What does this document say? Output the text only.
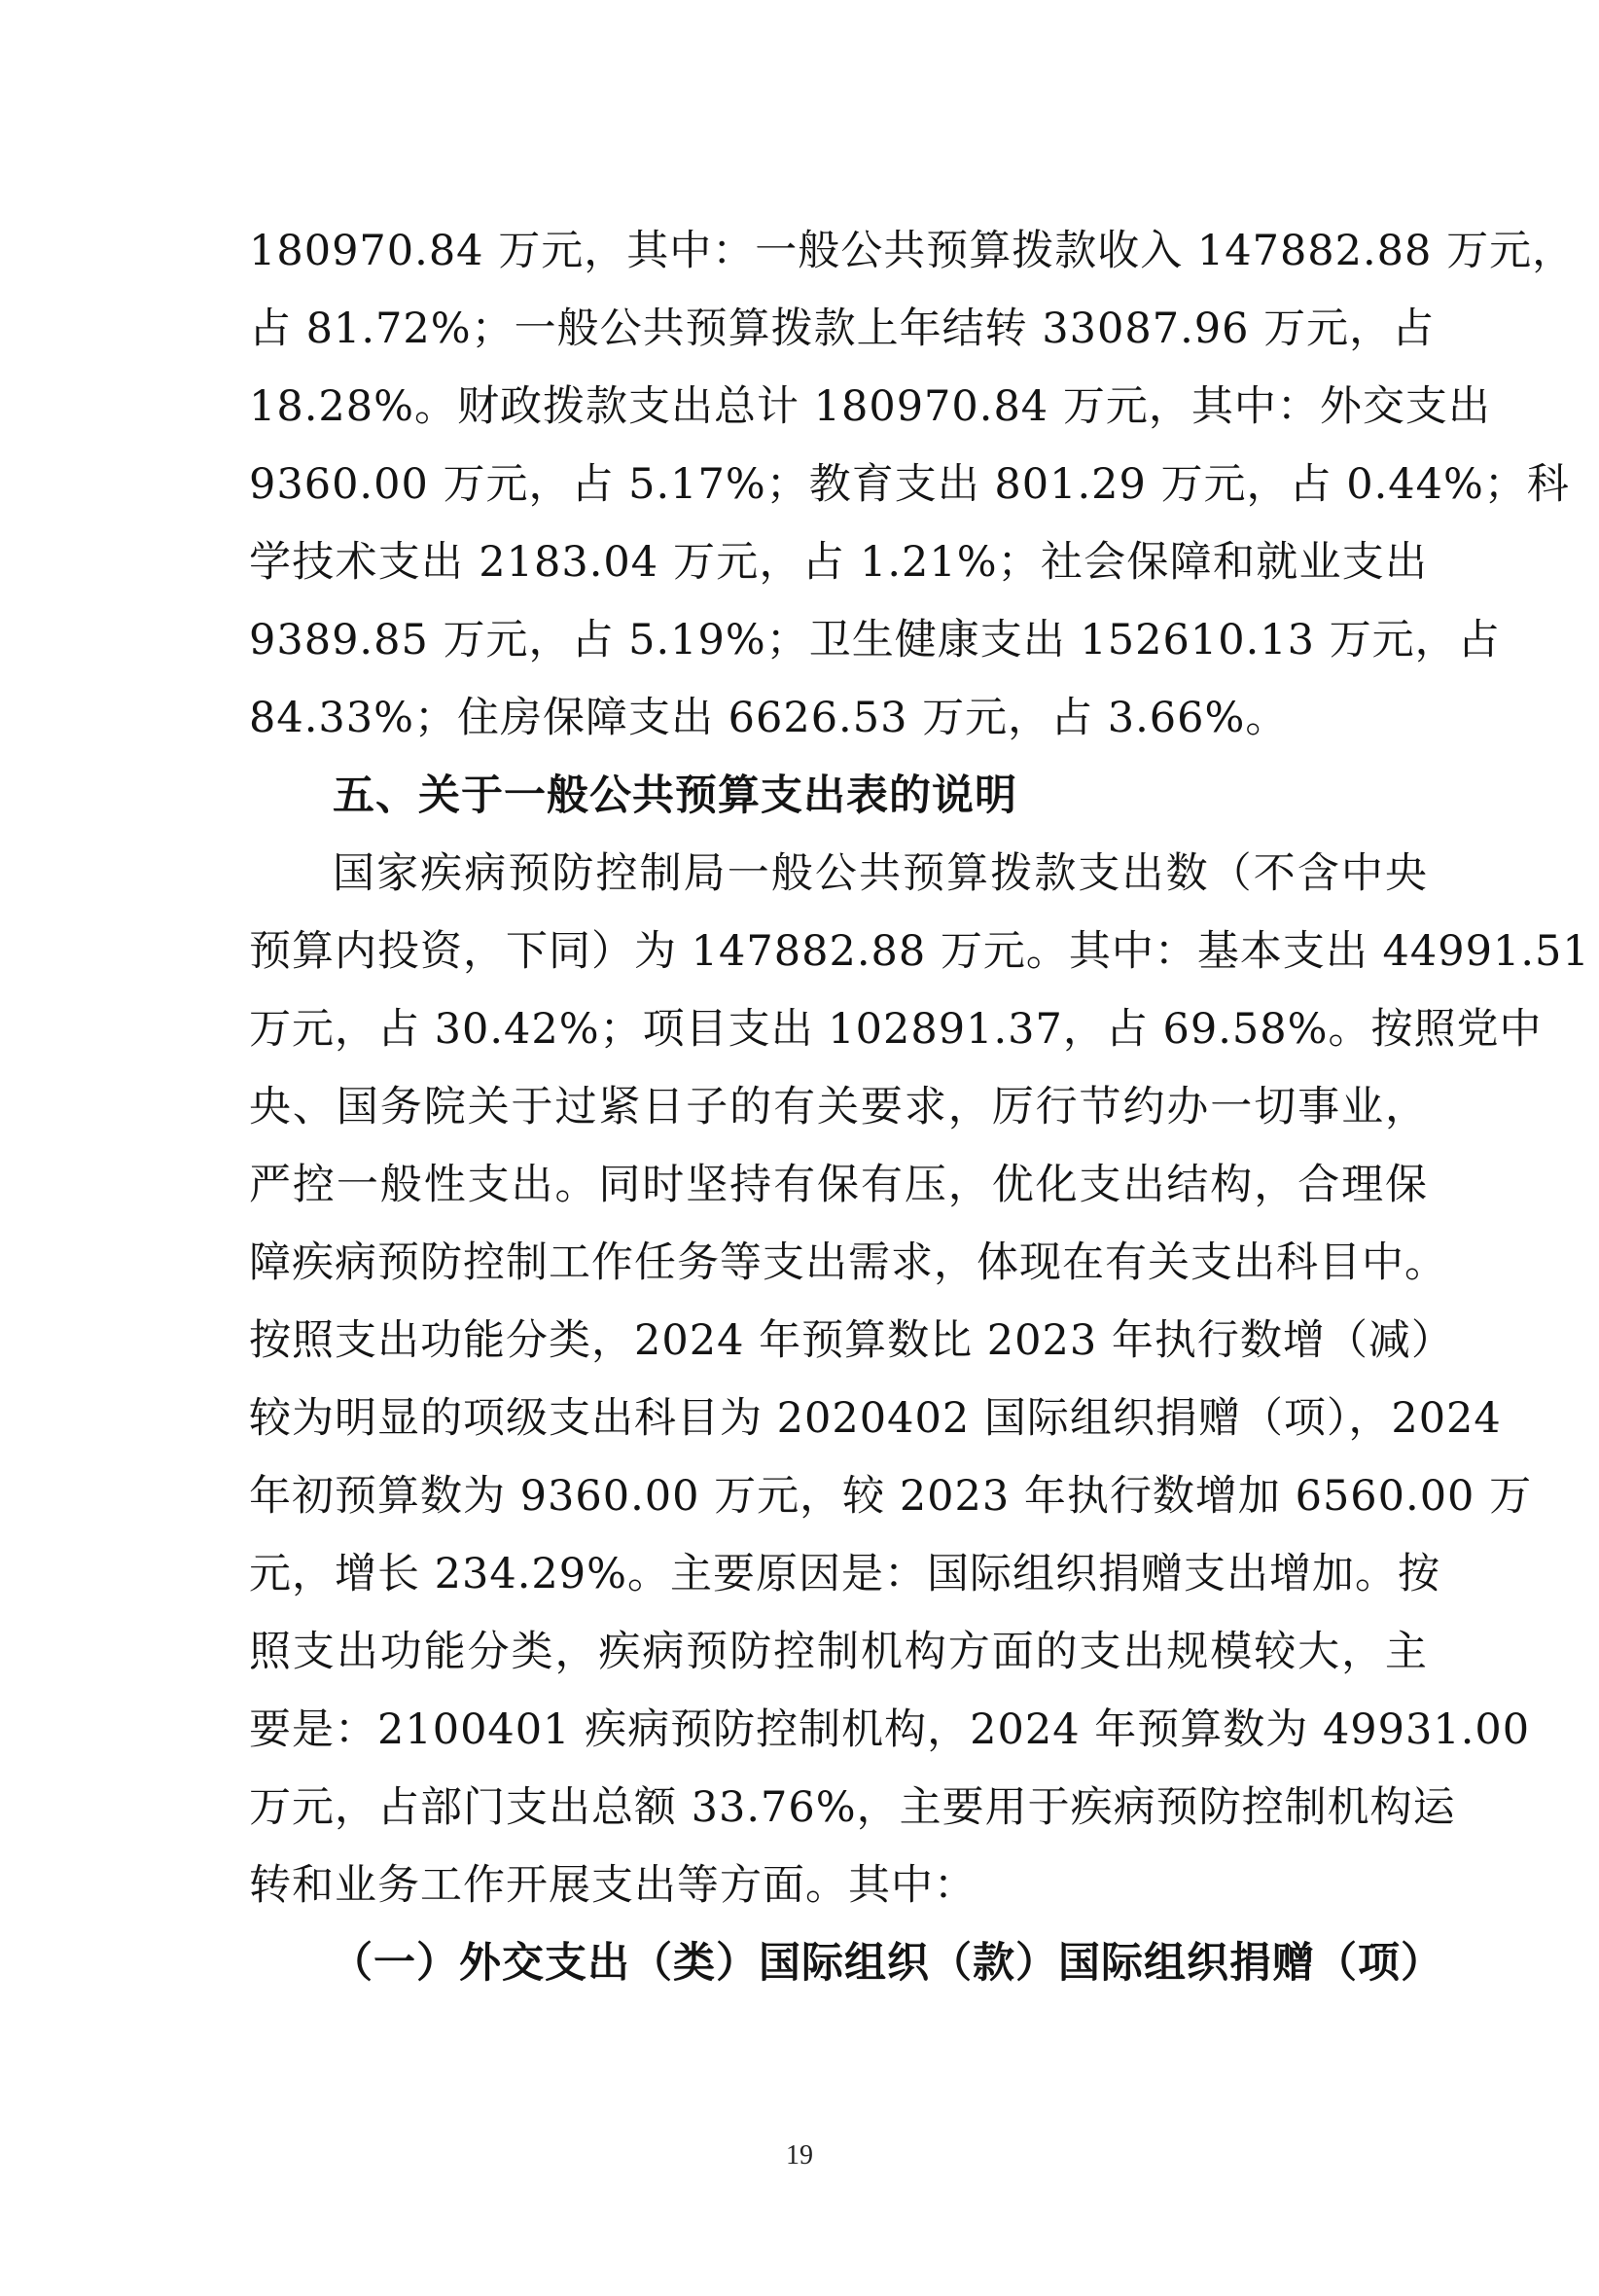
180970.84 万元，其中：一般公共预算拨款收入 147882.88 万元，
占 81.72%；一般公共预算拨款上年结转 33087.96 万元，占
18.28%。财政拨款支出总计 180970.84 万元，其中：外交支出
9360.00 万元，占 5.17%；教育支出 801.29 万元，占 0.44%；科
学技术支出 2183.04 万元，占 1.21%；社会保障和就业支出
9389.85 万元，占 5.19%；卫生健康支出 152610.13 万元，占
84.33%；住房保障支出 6626.53 万元，占 3.66%。
五、关于一般公共预算支出表的说明
国家疾病预防控制局一般公共预算拨款支出数（不含中央
预算内投资，下同）为 147882.88 万元。其中：基本支出 44991.51
万元，占 30.42%；项目支出 102891.37，占 69.58%。按照党中
央、国务院关于过紧日子的有关要求，厉行节约办一切事业，
严控一般性支出。同时坚持有保有压，优化支出结构，合理保
障疾病预防控制工作任务等支出需求，体现在有关支出科目中。
按照支出功能分类，2024 年预算数比 2023 年执行数增（减）
较为明显的项级支出科目为 2020402 国际组织捐赠（项），2024
年初预算数为 9360.00 万元，较 2023 年执行数增加 6560.00 万
元，增长 234.29%。主要原因是：国际组织捐赠支出增加。按
照支出功能分类，疾病预防控制机构方面的支出规模较大，主
要是：2100401 疾病预防控制机构，2024 年预算数为 49931.00
万元，占部门支出总额 33.76%，主要用于疾病预防控制机构运
转和业务工作开展支出等方面。其中：
（一）外交支出（类）国际组织（款）国际组织捐赠（项）
19
